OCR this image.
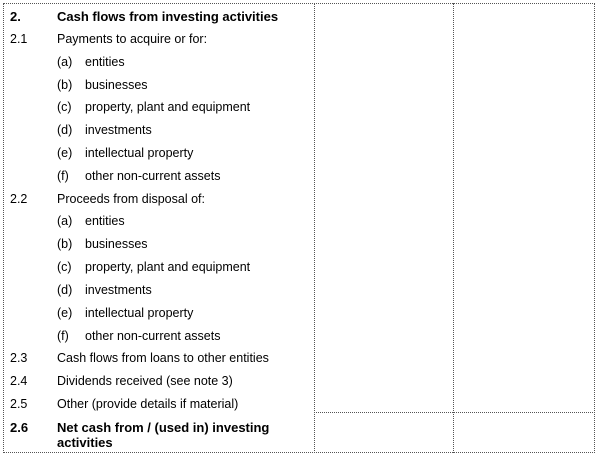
2.	Cash flows from investing activities
2.1 Payments to acquire or for:
(a)	entities
(b)	businesses
(c)	property, plant and equipment
(d)	investments
(e)	intellectual property
(f)	other non-current assets
2.2 Proceeds from disposal of:
(a)	entities
(b)	businesses
(c)	property, plant and equipment
(d)	investments
(e)	intellectual property
(f)	other non-current assets
2.3 Cash flows from loans to other entities
2.4 Dividends received (see note 3)
2.5 Other (provide details if material)
2.6 Net cash from / (used in) investing activities
